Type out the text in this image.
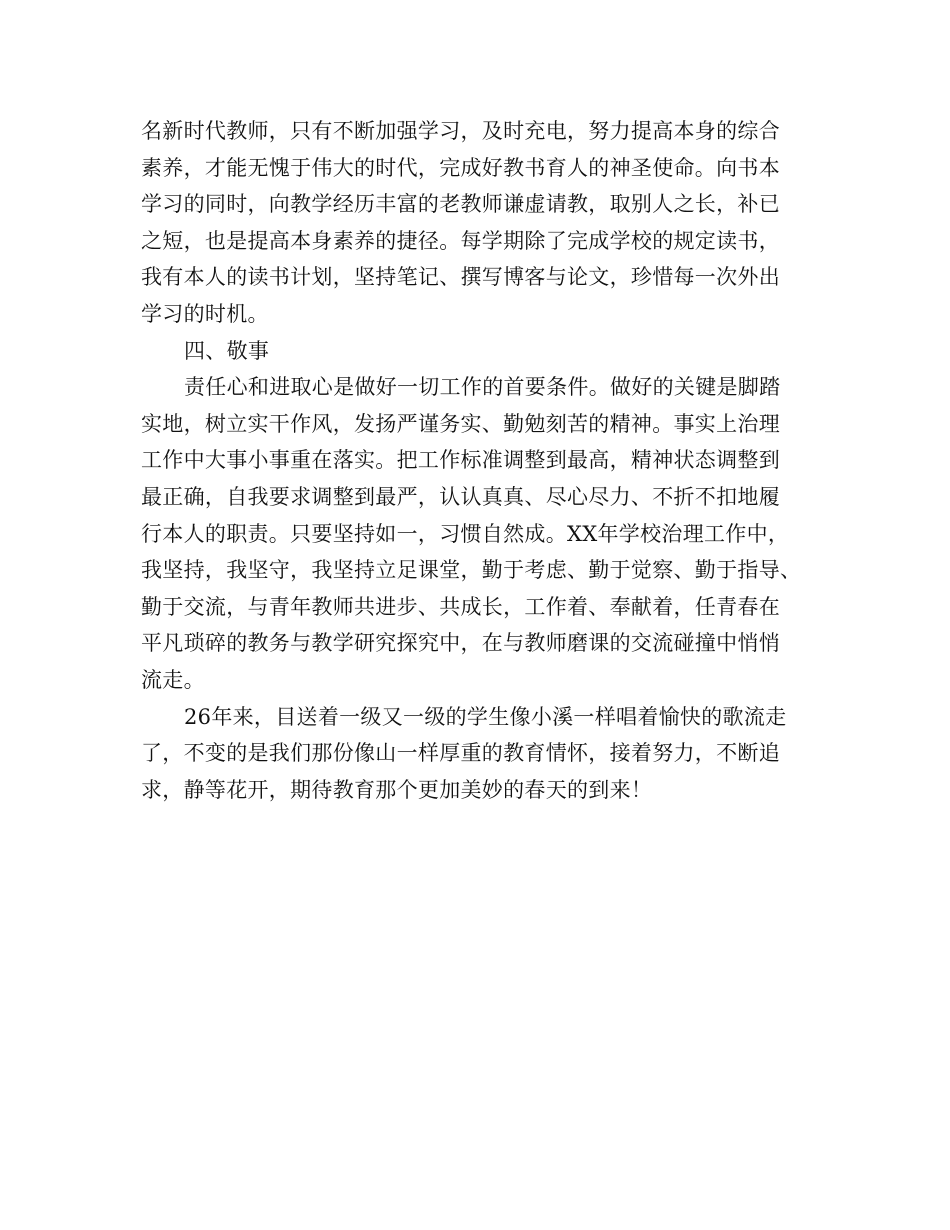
名新时代教师，只有不断加强学习，及时充电，努力提高本身的综合
素养，才能无愧于伟大的时代，完成好教书育人的神圣使命。向书本
学习的同时，向教学经历丰富的老教师谦虚请教，取别人之长，补已
之短，也是提高本身素养的捷径。每学期除了完成学校的规定读书，
我有本人的读书计划，坚持笔记、撰写博客与论文，珍惜每一次外出
学习的时机。
四、敬事
责任心和进取心是做好一切工作的首要条件。做好的关键是脚踏
实地，树立实干作风，发扬严谨务实、勤勉刻苦的精神。事实上治理
工作中大事小事重在落实。把工作标准调整到最高，精神状态调整到
最正确，自我要求调整到最严，认认真真、尽心尽力、不折不扣地履
行本人的职责。只要坚持如一，习惯自然成。XX年学校治理工作中，
我坚持，我坚守，我坚持立足课堂，勤于考虑、勤于觉察、勤于指导、
勤于交流，与青年教师共进步、共成长，工作着、奉献着，任青春在
平凡琐碎的教务与教学研究探究中，在与教师磨课的交流碰撞中悄悄
流走。
26年来，目送着一级又一级的学生像小溪一样唱着愉快的歌流走
了，不变的是我们那份像山一样厚重的教育情怀，接着努力，不断追
求，静等花开，期待教育那个更加美妙的春天的到来！
